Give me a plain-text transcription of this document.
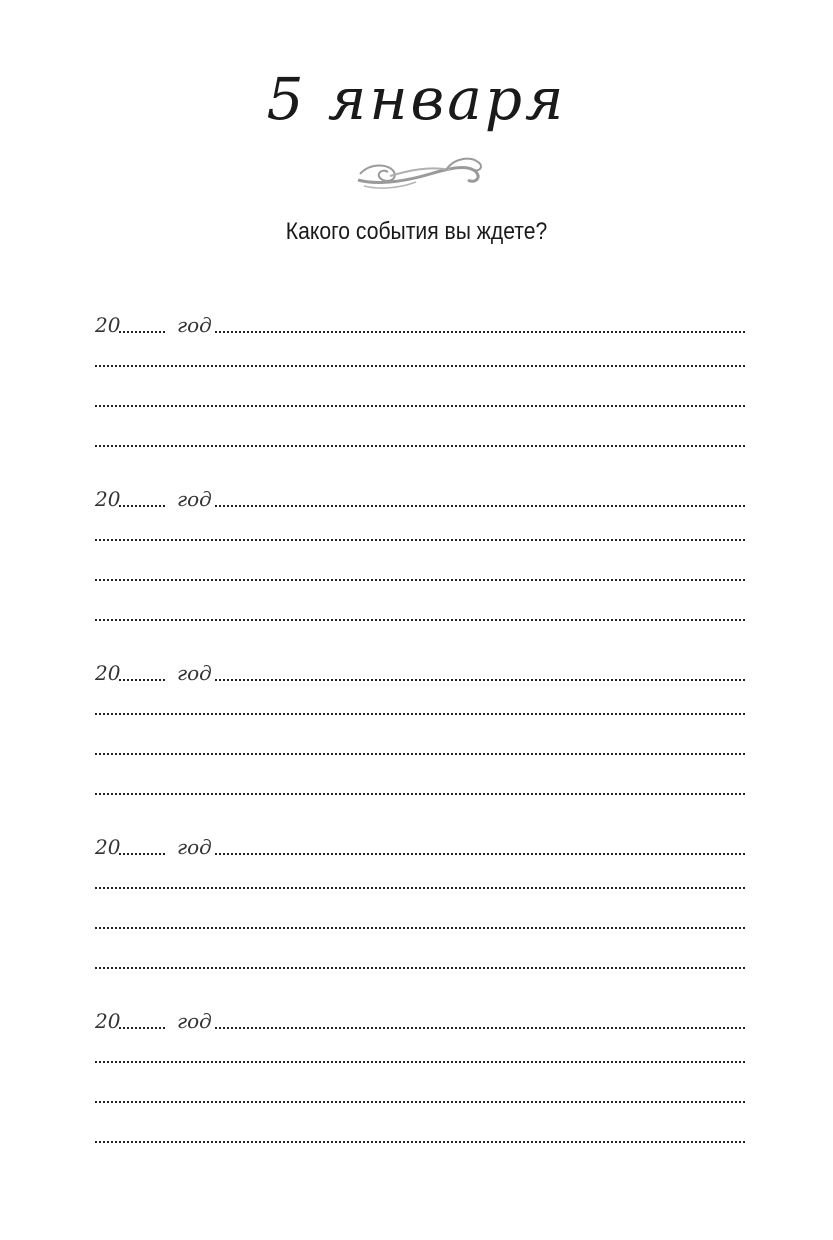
5 января
Какого события вы ждете?
20	год
20	год
20	год
20	год
20	год
